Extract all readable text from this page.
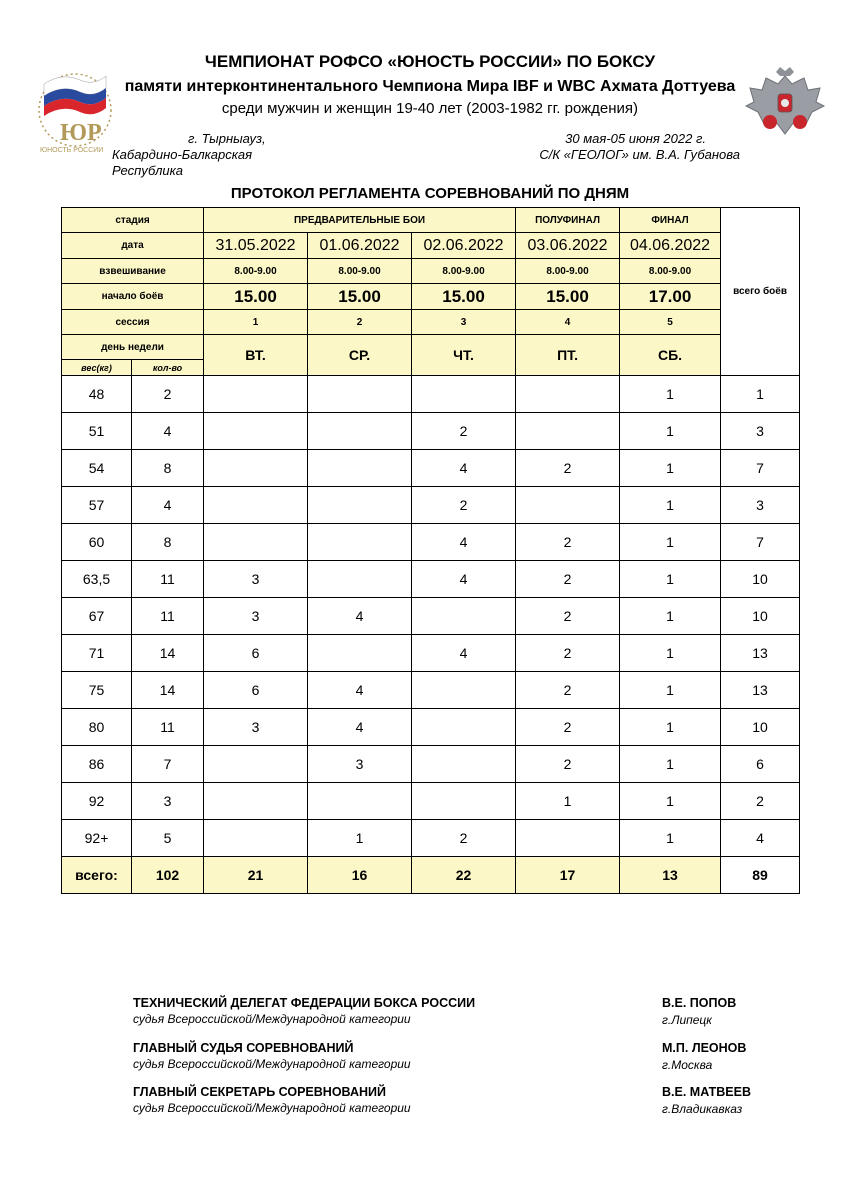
ЮР
ЮНОСТЬ РОССИИ
ЧЕМПИОНАТ РОФСО «ЮНОСТЬ РОССИИ» ПО БОКСУ
памяти интерконтинентального Чемпиона Мира IBF и WBC Ахмата Доттуева
среди мужчин и женщин 19-40 лет (2003-1982 гг. рождения)
г. Тырныауз,
Кабардино-Балкарская Республика
30 мая-05 июня 2022 г.
С/К «ГЕОЛОГ» им. В.А. Губанова
ПРОТОКОЛ РЕГЛАМЕНТА СОРЕВНОВАНИЙ ПО ДНЯМ
стадия		ПРЕДВАРИТЕЛЬНЫЕ БОИ			ПОЛУФИНАЛ	ФИНАЛ	всего боёв
дата		31.05.2022	01.06.2022	02.06.2022	03.06.2022	04.06.2022	
взвешивание		8.00-9.00	8.00-9.00	8.00-9.00	8.00-9.00	8.00-9.00	
начало боёв		15.00	15.00	15.00	15.00	17.00	
сессия		1	2	3	4	5	
день недели		ВТ.	СР.	ЧТ.	ПТ.	СБ.	
вес(кг)	кол-во						
48	2					1	1
51	4			2		1	3
54	8			4	2	1	7
57	4			2		1	3
60	8			4	2	1	7
63,5	11	3		4	2	1	10
67	11	3	4		2	1	10
71	14	6		4	2	1	13
75	14	6	4		2	1	13
80	11	3	4		2	1	10
86	7		3		2	1	6
92	3				1	1	2
92+	5		1	2		1	4
всего:	102	21	16	22	17	13	89
ТЕХНИЧЕСКИЙ ДЕЛЕГАТ ФЕДЕРАЦИИ БОКСА РОССИИ
судья Всероссийской/Международной категории
В.Е. ПОПОВ
г.Липецк
ГЛАВНЫЙ СУДЬЯ СОРЕВНОВАНИЙ
судья Всероссийской/Международной категории
М.П. ЛЕОНОВ
г.Москва
ГЛАВНЫЙ СЕКРЕТАРЬ СОРЕВНОВАНИЙ
судья Всероссийской/Международной категории
В.Е. МАТВЕЕВ
г.Владикавказ
